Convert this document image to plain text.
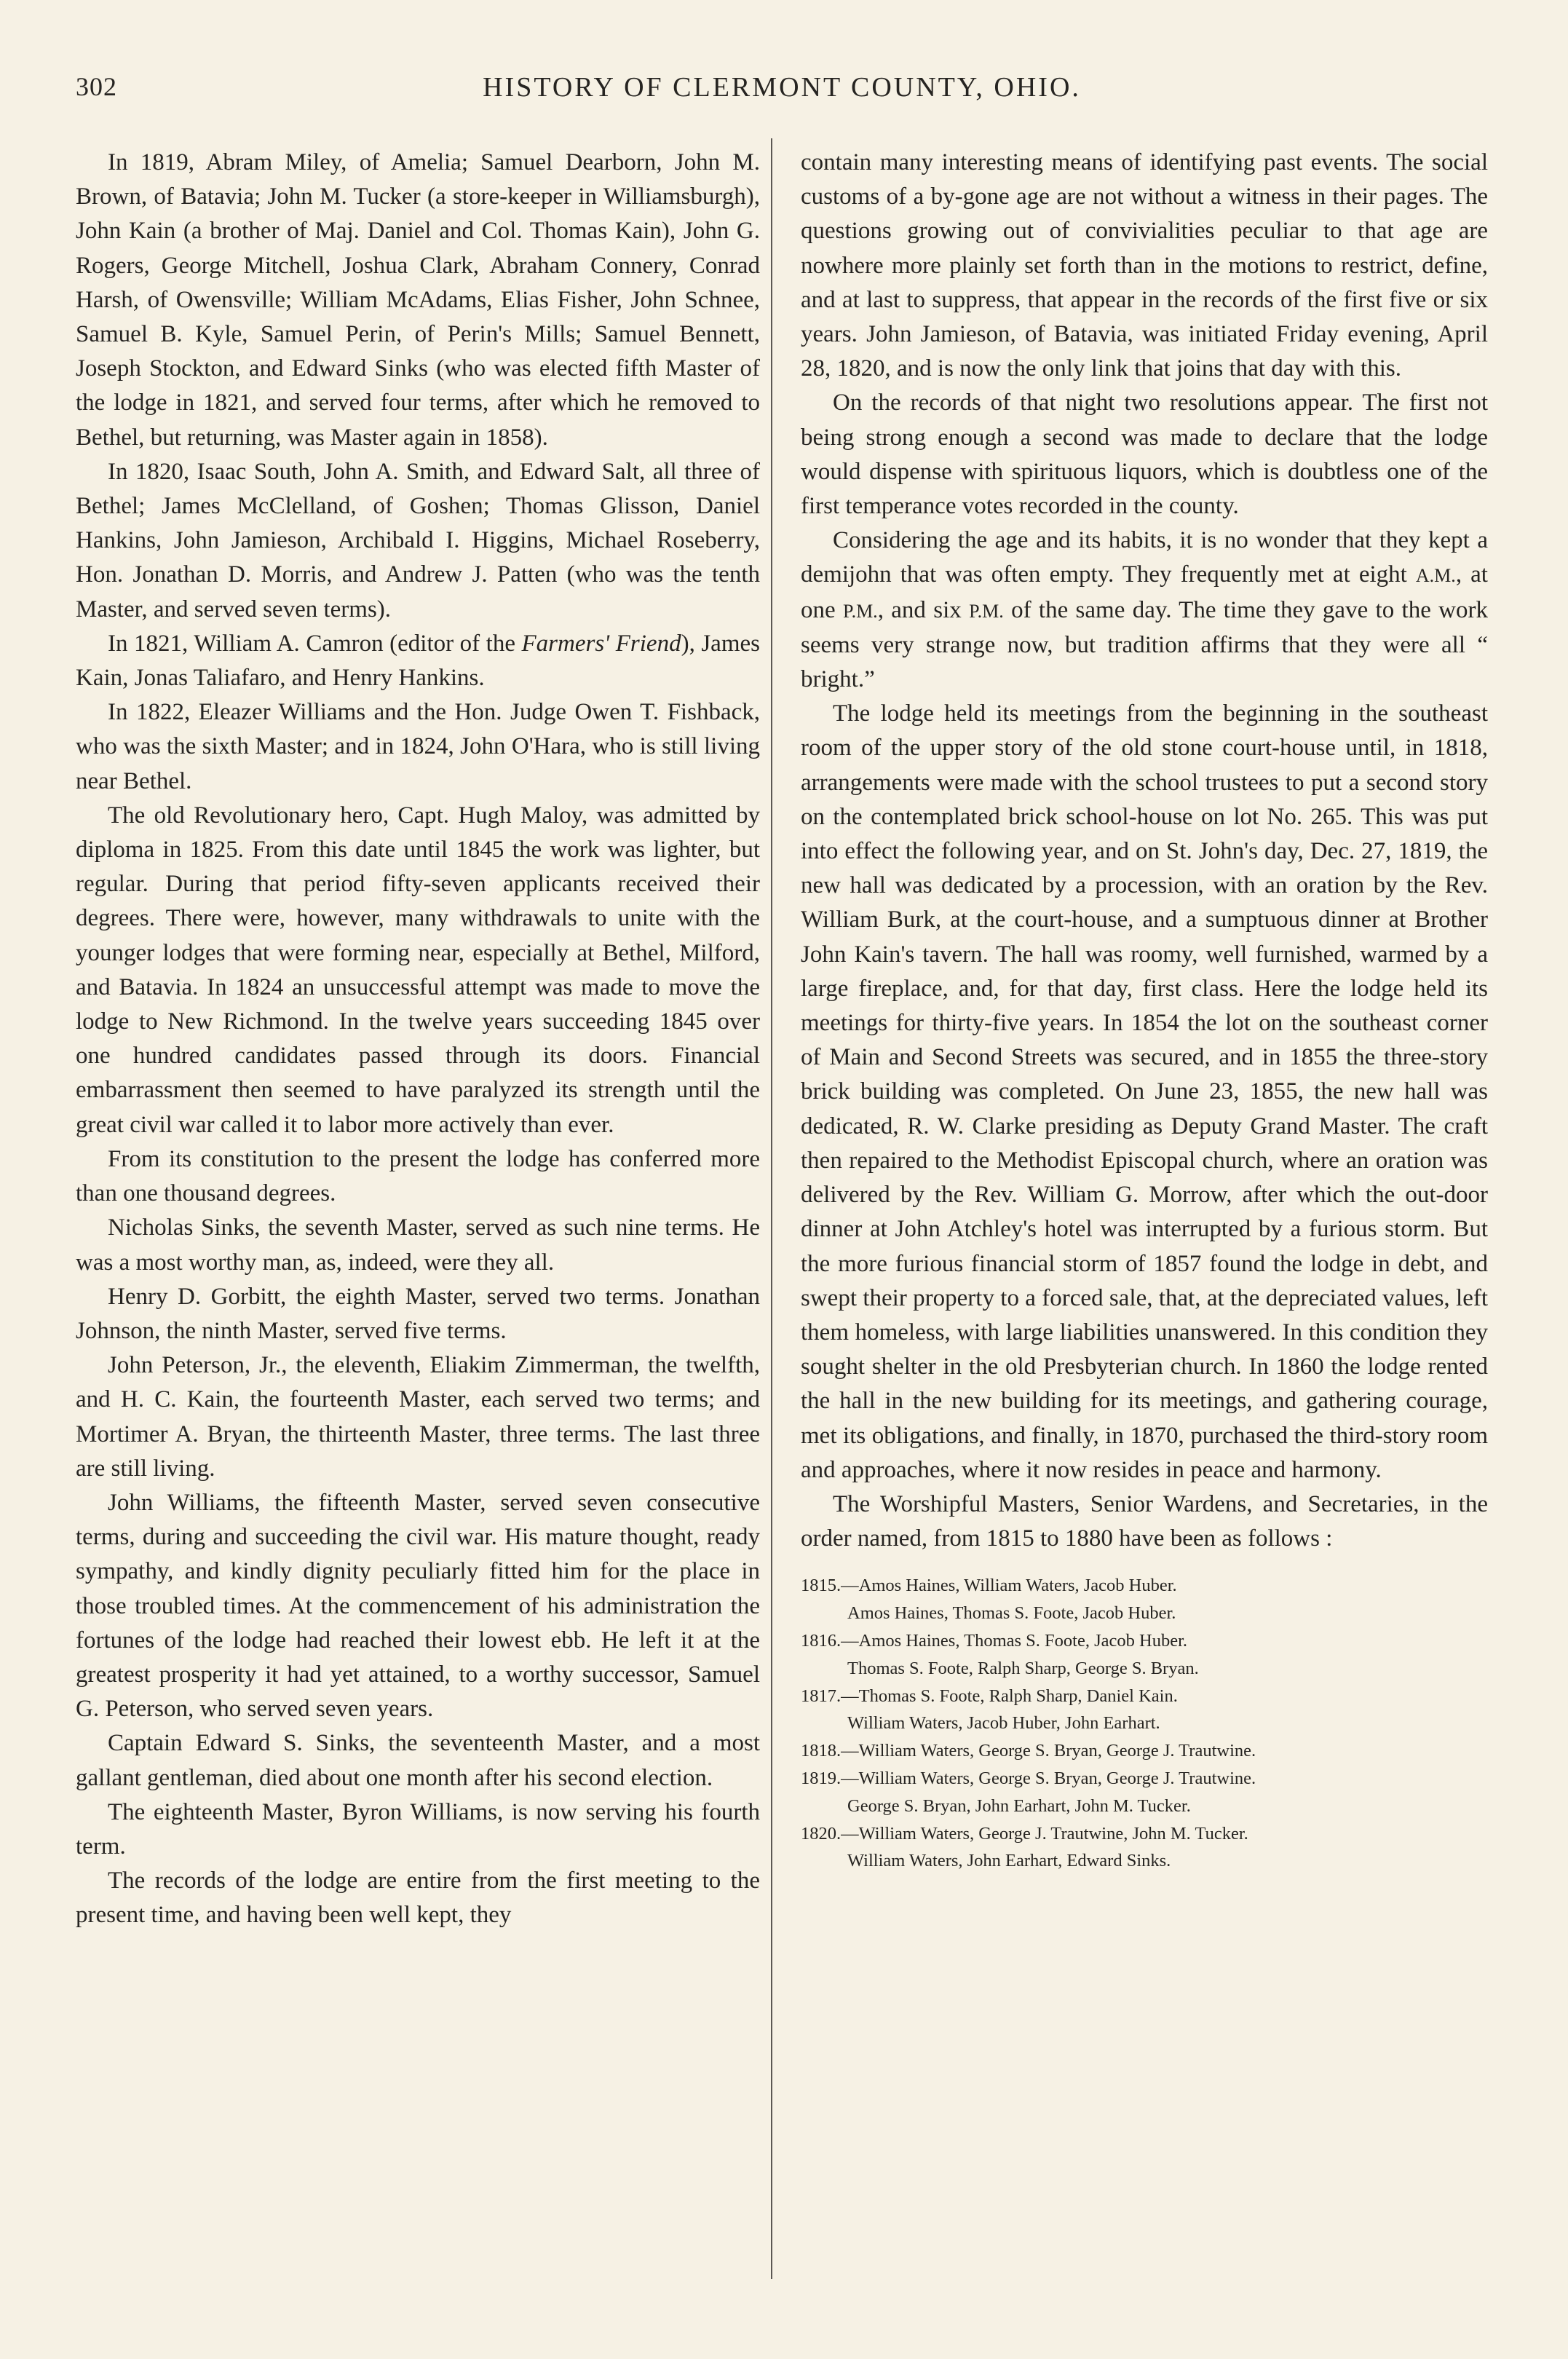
302	HISTORY OF CLERMONT COUNTY, OHIO.

In 1819, Abram Miley, of Amelia; Samuel Dearborn, John M. Brown, of Batavia; John M. Tucker (a store-keeper in Williamsburgh), John Kain (a brother of Maj. Daniel and Col. Thomas Kain), John G. Rogers, George Mitchell, Joshua Clark, Abraham Connery, Conrad Harsh, of Owensville; William McAdams, Elias Fisher, John Schnee, Samuel B. Kyle, Samuel Perin, of Perin's Mills; Samuel Bennett, Joseph Stockton, and Edward Sinks (who was elected fifth Master of the lodge in 1821, and served four terms, after which he removed to Bethel, but returning, was Master again in 1858).

In 1820, Isaac South, John A. Smith, and Edward Salt, all three of Bethel; James McClelland, of Goshen; Thomas Glisson, Daniel Hankins, John Jamieson, Archibald I. Higgins, Michael Roseberry, Hon. Jonathan D. Morris, and Andrew J. Patten (who was the tenth Master, and served seven terms).

In 1821, William A. Camron (editor of the Farmers' Friend), James Kain, Jonas Taliafaro, and Henry Hankins.

In 1822, Eleazer Williams and the Hon. Judge Owen T. Fishback, who was the sixth Master; and in 1824, John O'Hara, who is still living near Bethel.

The old Revolutionary hero, Capt. Hugh Maloy, was admitted by diploma in 1825. From this date until 1845 the work was lighter, but regular. During that period fifty-seven applicants received their degrees. There were, however, many withdrawals to unite with the younger lodges that were forming near, especially at Bethel, Milford, and Batavia. In 1824 an unsuccessful attempt was made to move the lodge to New Richmond. In the twelve years succeeding 1845 over one hundred candidates passed through its doors. Financial embarrassment then seemed to have paralyzed its strength until the great civil war called it to labor more actively than ever.

From its constitution to the present the lodge has conferred more than one thousand degrees.

Nicholas Sinks, the seventh Master, served as such nine terms. He was a most worthy man, as, indeed, were they all.

Henry D. Gorbitt, the eighth Master, served two terms. Jonathan Johnson, the ninth Master, served five terms.

John Peterson, Jr., the eleventh, Eliakim Zimmerman, the twelfth, and H. C. Kain, the fourteenth Master, each served two terms; and Mortimer A. Bryan, the thirteenth Master, three terms. The last three are still living.

John Williams, the fifteenth Master, served seven consecutive terms, during and succeeding the civil war. His mature thought, ready sympathy, and kindly dignity peculiarly fitted him for the place in those troubled times. At the commencement of his administration the fortunes of the lodge had reached their lowest ebb. He left it at the greatest prosperity it had yet attained, to a worthy successor, Samuel G. Peterson, who served seven years.

Captain Edward S. Sinks, the seventeenth Master, and a most gallant gentleman, died about one month after his second election.

The eighteenth Master, Byron Williams, is now serving his fourth term.

The records of the lodge are entire from the first meeting to the present time, and having been well kept, they

contain many interesting means of identifying past events. The social customs of a by-gone age are not without a witness in their pages. The questions growing out of convivialities peculiar to that age are nowhere more plainly set forth than in the motions to restrict, define, and at last to suppress, that appear in the records of the first five or six years. John Jamieson, of Batavia, was initiated Friday evening, April 28, 1820, and is now the only link that joins that day with this.

On the records of that night two resolutions appear. The first not being strong enough a second was made to declare that the lodge would dispense with spirituous liquors, which is doubtless one of the first temperance votes recorded in the county.

Considering the age and its habits, it is no wonder that they kept a demijohn that was often empty. They frequently met at eight A.M., at one P.M., and six P.M. of the same day. The time they gave to the work seems very strange now, but tradition affirms that they were all “ bright.”

The lodge held its meetings from the beginning in the southeast room of the upper story of the old stone court-house until, in 1818, arrangements were made with the school trustees to put a second story on the contemplated brick school-house on lot No. 265. This was put into effect the following year, and on St. John's day, Dec. 27, 1819, the new hall was dedicated by a procession, with an oration by the Rev. William Burk, at the court-house, and a sumptuous dinner at Brother John Kain's tavern. The hall was roomy, well furnished, warmed by a large fireplace, and, for that day, first class. Here the lodge held its meetings for thirty-five years. In 1854 the lot on the southeast corner of Main and Second Streets was secured, and in 1855 the three-story brick building was completed. On June 23, 1855, the new hall was dedicated, R. W. Clarke presiding as Deputy Grand Master. The craft then repaired to the Methodist Episcopal church, where an oration was delivered by the Rev. William G. Morrow, after which the out-door dinner at John Atchley's hotel was interrupted by a furious storm. But the more furious financial storm of 1857 found the lodge in debt, and swept their property to a forced sale, that, at the depreciated values, left them homeless, with large liabilities unanswered. In this condition they sought shelter in the old Presbyterian church. In 1860 the lodge rented the hall in the new building for its meetings, and gathering courage, met its obligations, and finally, in 1870, purchased the third-story room and approaches, where it now resides in peace and harmony.

The Worshipful Masters, Senior Wardens, and Secretaries, in the order named, from 1815 to 1880 have been as follows :

1815.—Amos Haines, William Waters, Jacob Huber.
Amos Haines, Thomas S. Foote, Jacob Huber.
1816.—Amos Haines, Thomas S. Foote, Jacob Huber.
Thomas S. Foote, Ralph Sharp, George S. Bryan.
1817.—Thomas S. Foote, Ralph Sharp, Daniel Kain.
William Waters, Jacob Huber, John Earhart.
1818.—William Waters, George S. Bryan, George J. Trautwine.
1819.—William Waters, George S. Bryan, George J. Trautwine.
George S. Bryan, John Earhart, John M. Tucker.
1820.—William Waters, George J. Trautwine, John M. Tucker.
William Waters, John Earhart, Edward Sinks.
